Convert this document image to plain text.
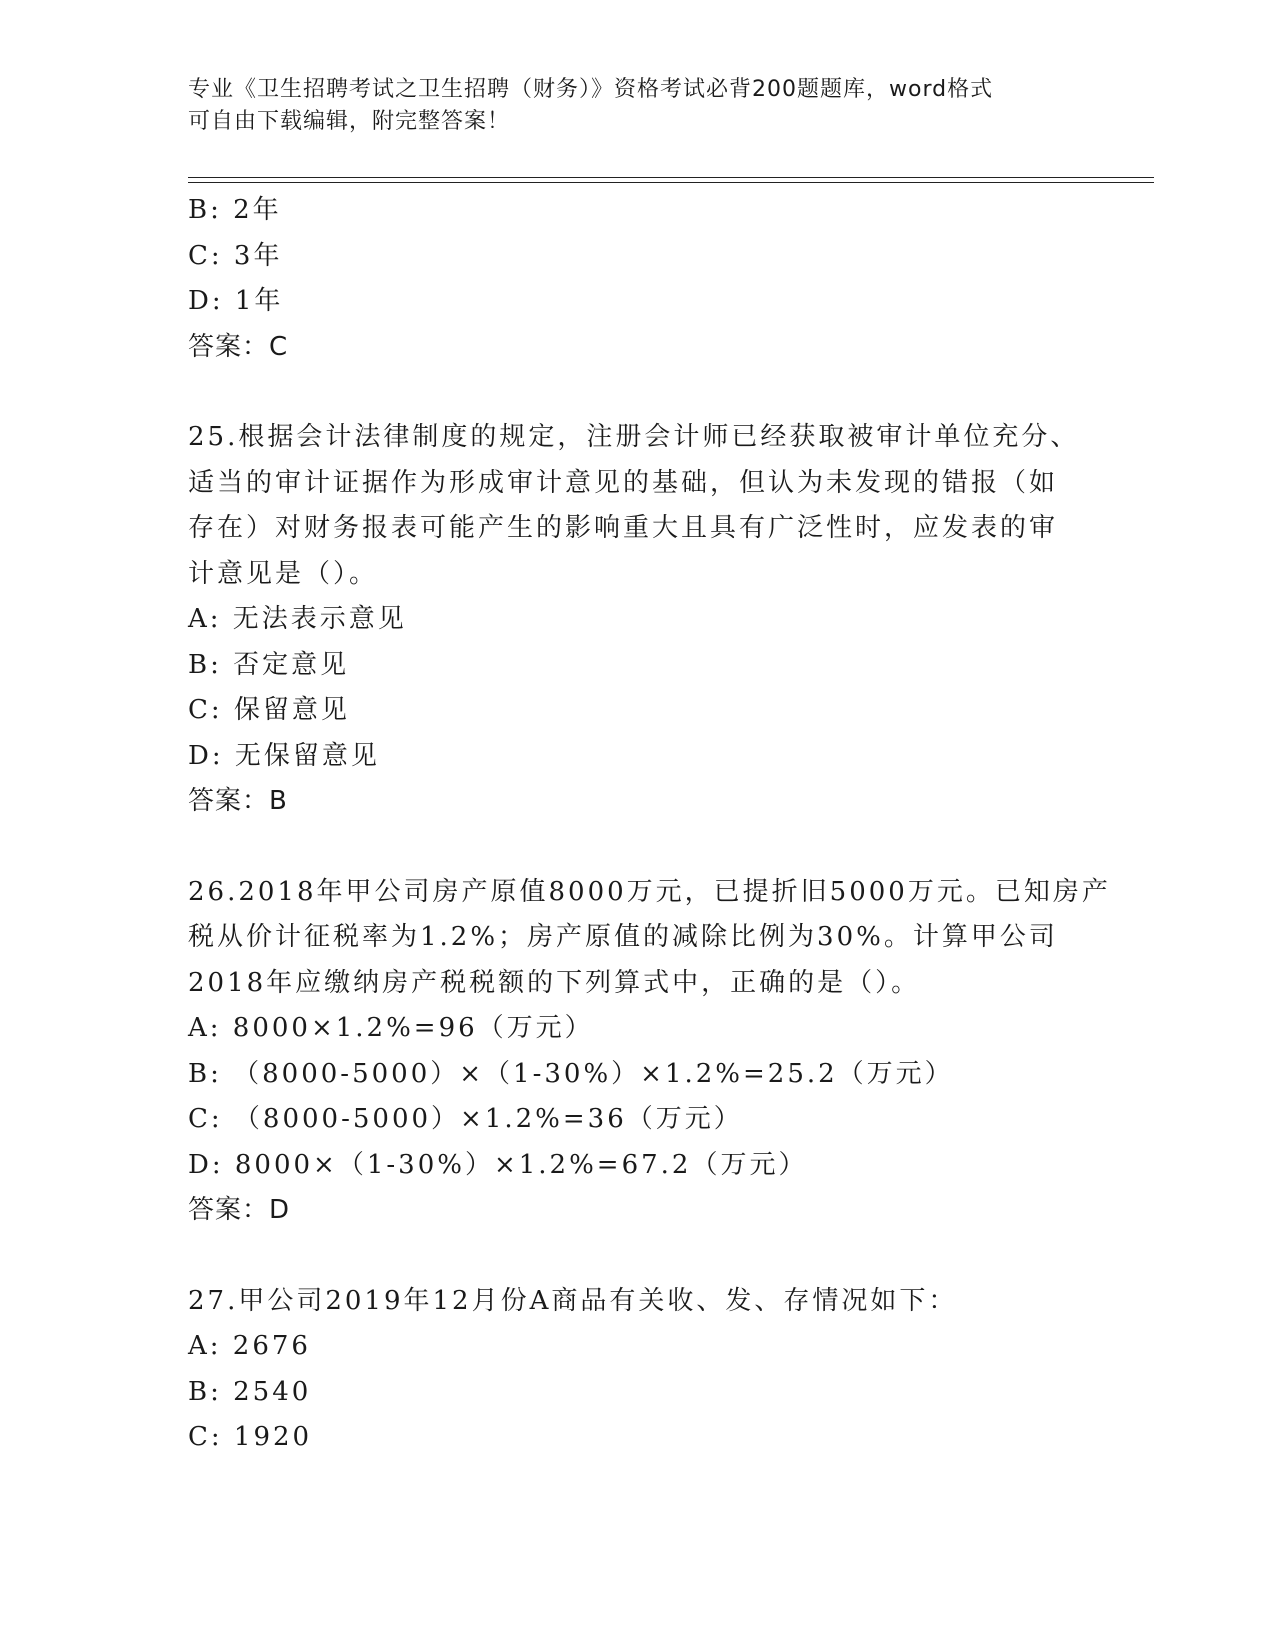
专业《卫生招聘考试之卫生招聘（财务）》资格考试必背200题题库，word格式
可自由下载编辑，附完整答案！
B: 2年
C: 3年
D: 1年
答案：C
25.根据会计法律制度的规定，注册会计师已经获取被审计单位充分、
适当的审计证据作为形成审计意见的基础，但认为未发现的错报（如
存在）对财务报表可能产生的影响重大且具有广泛性时，应发表的审
计意见是（）。
A: 无法表示意见
B: 否定意见
C: 保留意见
D: 无保留意见
答案：B
26.2018年甲公司房产原值8000万元，已提折旧5000万元。已知房产
税从价计征税率为1.2%；房产原值的减除比例为30%。计算甲公司
2018年应缴纳房产税税额的下列算式中，正确的是（）。
A: 8000×1.2%=96（万元）
B: （8000-5000）×（1-30%）×1.2%=25.2（万元）
C: （8000-5000）×1.2%=36（万元）
D: 8000×（1-30%）×1.2%=67.2（万元）
答案：D
27.甲公司2019年12月份A商品有关收、发、存情况如下：
A: 2676
B: 2540
C: 1920
